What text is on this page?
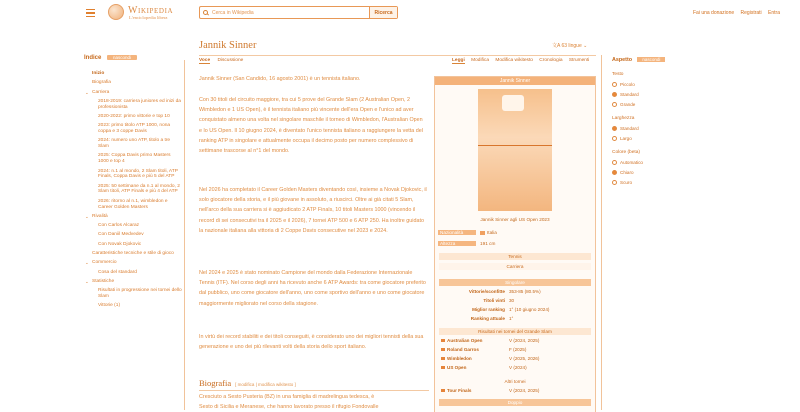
Wikipedia
L'enciclopedia libera
Cerca in Wikipedia	Ricerca	Fai una donazione Registrati Entra
Indice	nascondi
Inizio
Biografia
⌄ Carriera
2018-2019: carriera juniores ed inizi da professionista
2020-2022: primo vittorie e top 10
2023: primo titolo ATP 1000, nona coppa e 3 coppe Davis
2024: numero uno ATP, titolo a tre Slam
2025: Coppa Davis primo Masters 1000 e top 4
2024: n.1 al mondo, 2 Slam titoli, ATP Finals, Coppa Davis e più 5 del ATP
2025: 50 settimane da n.1 al mondo, 2 Slam titoli, ATP Finals e più 4 del ATP
2026: ritorno al n.1, wimbledon e Career Golden Masters
⌄ Rivalità
Con Carlos Alcaraz
Con Daniil Medvedev
Con Novak Djokovic
Caratteristiche tecniche e stile di gioco
⌄ Commercio
Cosa del standard
⌄ Statistiche
Risultati in progressione nei tornei dello Slam
Vittorie (1)
Jannik Sinner	文A 63 lingue ⌄
Voce Discussione	Leggi Modifica Modifica wikitesto Cronologia Strumenti
Jannik Sinner (San Candido, 16 agosto 2001) è un tennista italiano.
Con 30 titoli del circuito maggiore, tra cui 5 prove del Grande Slam (2 Australian Open, 2 Wimbledon e 1 US Open), è il tennista italiano più vincente dell'era Open e l'unico ad aver conquistato almeno una volta nel singolare maschile il torneo di Wimbledon, l'Australian Open e lo US Open. Il 10 giugno 2024, è diventato l'unico tennista italiano a raggiungere la vetta del ranking ATP in singolare e attualmente occupa il decimo posto per numero complessivo di settimane trascorse al n°1 del mondo.
Nel 2026 ha completato il Career Golden Masters diventando così, insieme a Novak Djokovic, il solo giocatore della storia, e il più giovane in assoluto, a riuscirci. Oltre ai già citati 5 Slam, nell'arco della sua carriera si è aggiudicato 2 ATP Finals, 10 titoli Masters 1000 (vincendo il record di sei consecutivi tra il 2025 e il 2026), 7 tornei ATP 500 e 6 ATP 250. Ha inoltre guidato la nazionale italiana alla vittoria di 2 Coppe Davis consecutive nel 2023 e 2024.
Nel 2024 e 2025 è stato nominato Campione del mondo dalla Federazione Internazionale Tennis (ITF). Nel corso degli anni ha ricevuto anche 6 ATP Awards: tra come giocatore preferito dal pubblico, uno come giocatore dell'anno, uno come sportivo dell'anno e uno come giocatore maggiormente migliorato nel corso della stagione.
In virtù dei record stabiliti e dei titoli conseguiti, è considerato uno dei migliori tennisti della sua generazione e uno dei più rilevanti volti della storia dello sport italiano.
Biografia [ modifica | modifica wikitesto ]
Cresciuto a Sesto Pusteria (BZ) in una famiglia di madrelingua tedesca, è
Sesto di Sicilia e Meranese, che hanno lavorato presso il rifugio Fondovalle
Jannik Sinner
Jannik Sinner agli US Open 2023
Nazionalità	Italia
Altezza	191 cm
Tennis
Carriera
Singolare
Vittorie/sconfitte 353-85 (80.5%)
Titoli vinti 30
Miglior ranking 1° (10 giugno 2024)
Ranking attuale 1°
Risultati nei tornei del Grande Slam
Australian Open	V (2024, 2025)
Roland Garros	F (2025)
Wimbledon	V (2025, 2026)
US Open	V (2024)
Altri tornei
Tour Finals	V (2024, 2025)
Doppio
Aspetto nascondi
Testo
Piccolo
Standard
Grande
Larghezza
Standard
Largo
Colore (beta)
Automatico
Chiaro
Scuro
